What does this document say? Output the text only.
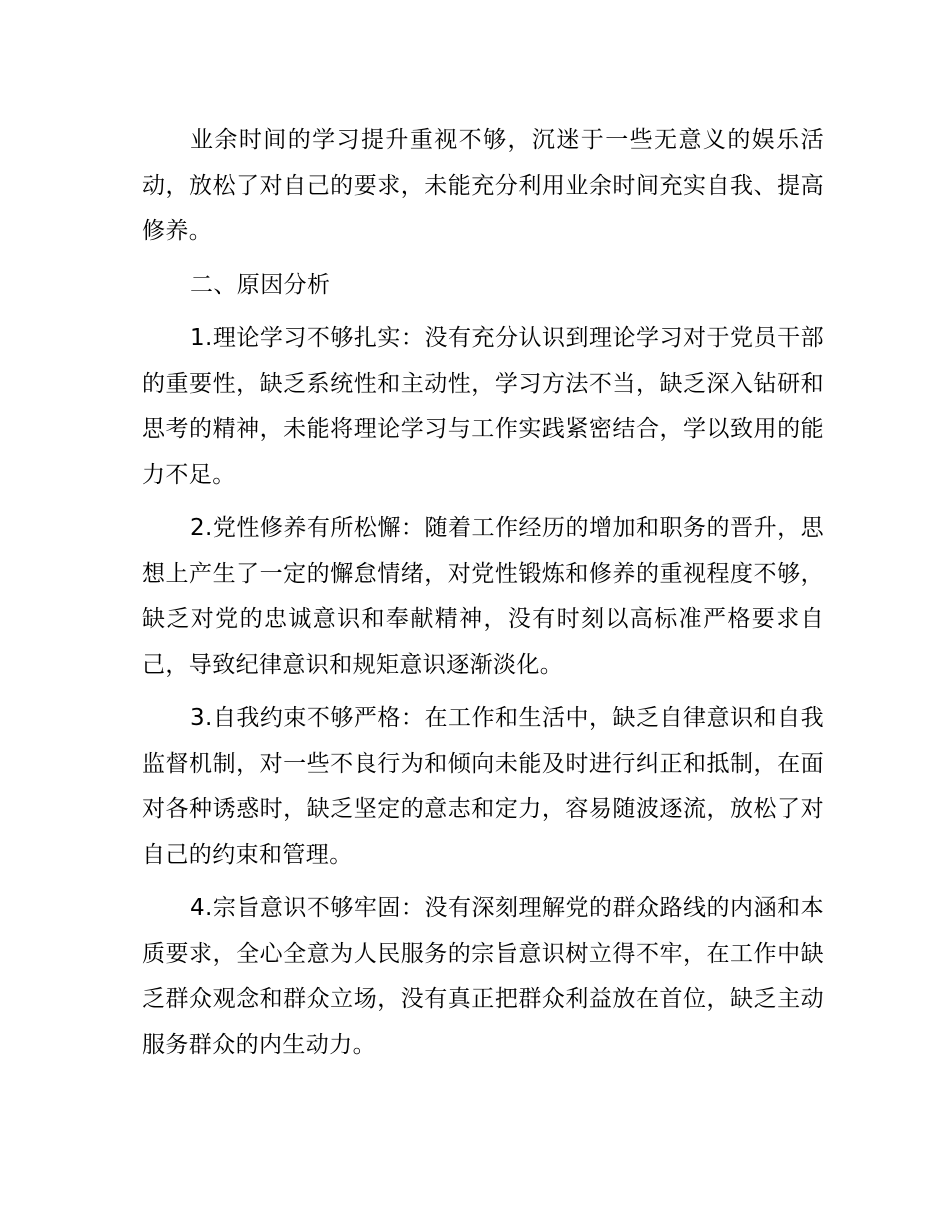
业余时间的学习提升重视不够，沉迷于一些无意义的娱乐活动，放松了对自己的要求，未能充分利用业余时间充实自我、提高修养。

二、原因分析

1.理论学习不够扎实：没有充分认识到理论学习对于党员干部的重要性，缺乏系统性和主动性，学习方法不当，缺乏深入钻研和思考的精神，未能将理论学习与工作实践紧密结合，学以致用的能力不足。

2.党性修养有所松懈：随着工作经历的增加和职务的晋升，思想上产生了一定的懈怠情绪，对党性锻炼和修养的重视程度不够，缺乏对党的忠诚意识和奉献精神，没有时刻以高标准严格要求自己，导致纪律意识和规矩意识逐渐淡化。

3.自我约束不够严格：在工作和生活中，缺乏自律意识和自我监督机制，对一些不良行为和倾向未能及时进行纠正和抵制，在面对各种诱惑时，缺乏坚定的意志和定力，容易随波逐流，放松了对自己的约束和管理。

4.宗旨意识不够牢固：没有深刻理解党的群众路线的内涵和本质要求，全心全意为人民服务的宗旨意识树立得不牢，在工作中缺乏群众观念和群众立场，没有真正把群众利益放在首位，缺乏主动服务群众的内生动力。
